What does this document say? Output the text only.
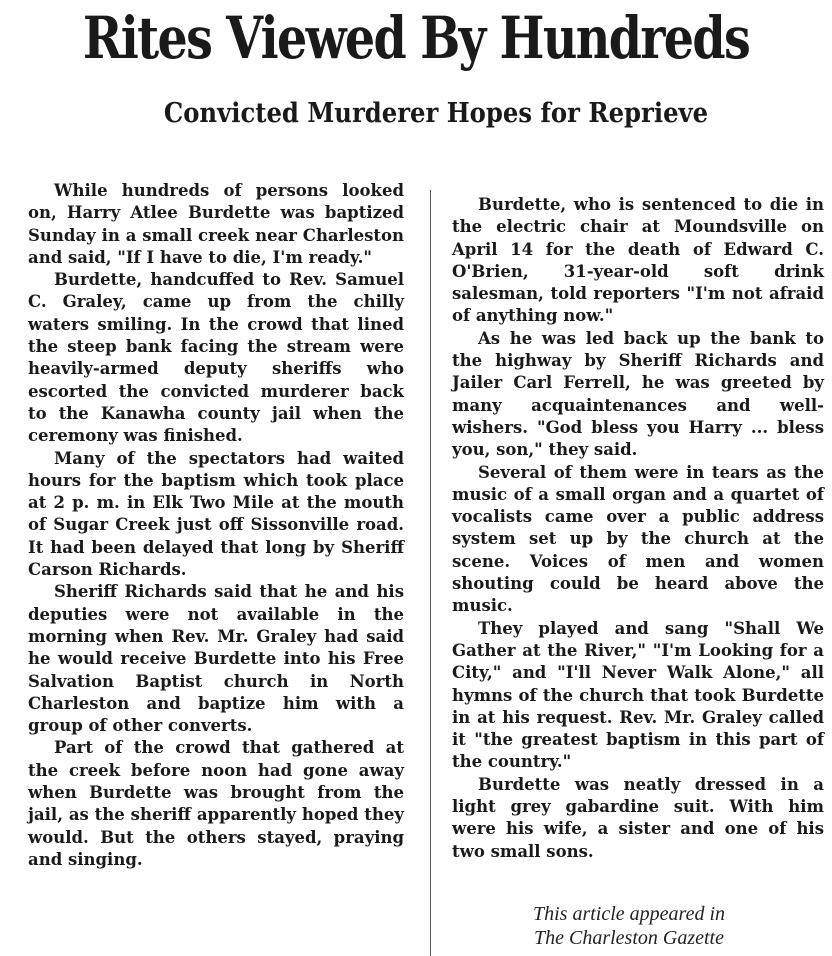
Rites Viewed By Hundreds
Convicted Murderer Hopes for Reprieve

While hundreds of persons looked on, Harry Atlee Burdette was baptized Sunday in a small creek near Charleston and said, "If I have to die, I'm ready."

Burdette, handcuffed to Rev. Samuel C. Graley, came up from the chilly waters smiling. In the crowd that lined the steep bank facing the stream were heavily-armed deputy sheriffs who escorted the convicted murderer back to the Kanawha county jail when the ceremony was finished.

Many of the spectators had waited hours for the baptism which took place at 2 p. m. in Elk Two Mile at the mouth of Sugar Creek just off Sissonville road. It had been delayed that long by Sheriff Carson Richards.

Sheriff Richards said that he and his deputies were not available in the morning when Rev. Mr. Graley had said he would receive Burdette into his Free Salvation Baptist church in North Charleston and baptize him with a group of other converts.

Part of the crowd that gathered at the creek before noon had gone away when Burdette was brought from the jail, as the sheriff apparently hoped they would. But the others stayed, praying and singing.

Burdette, who is sentenced to die in the electric chair at Moundsville on April 14 for the death of Edward C. O'Brien, 31-year-old soft drink salesman, told reporters "I'm not afraid of anything now."

As he was led back up the bank to the highway by Sheriff Richards and Jailer Carl Ferrell, he was greeted by many acquaintenances and well-wishers. "God bless you Harry ... bless you, son," they said.

Several of them were in tears as the music of a small organ and a quartet of vocalists came over a public address system set up by the church at the scene. Voices of men and women shouting could be heard above the music.

They played and sang "Shall We Gather at the River," "I'm Looking for a City," and "I'll Never Walk Alone," all hymns of the church that took Burdette in at his request. Rev. Mr. Graley called it "the greatest baptism in this part of the country."

Burdette was neatly dressed in a light grey gabardine suit. With him were his wife, a sister and one of his two small sons.

This article appeared in
The Charleston Gazette
